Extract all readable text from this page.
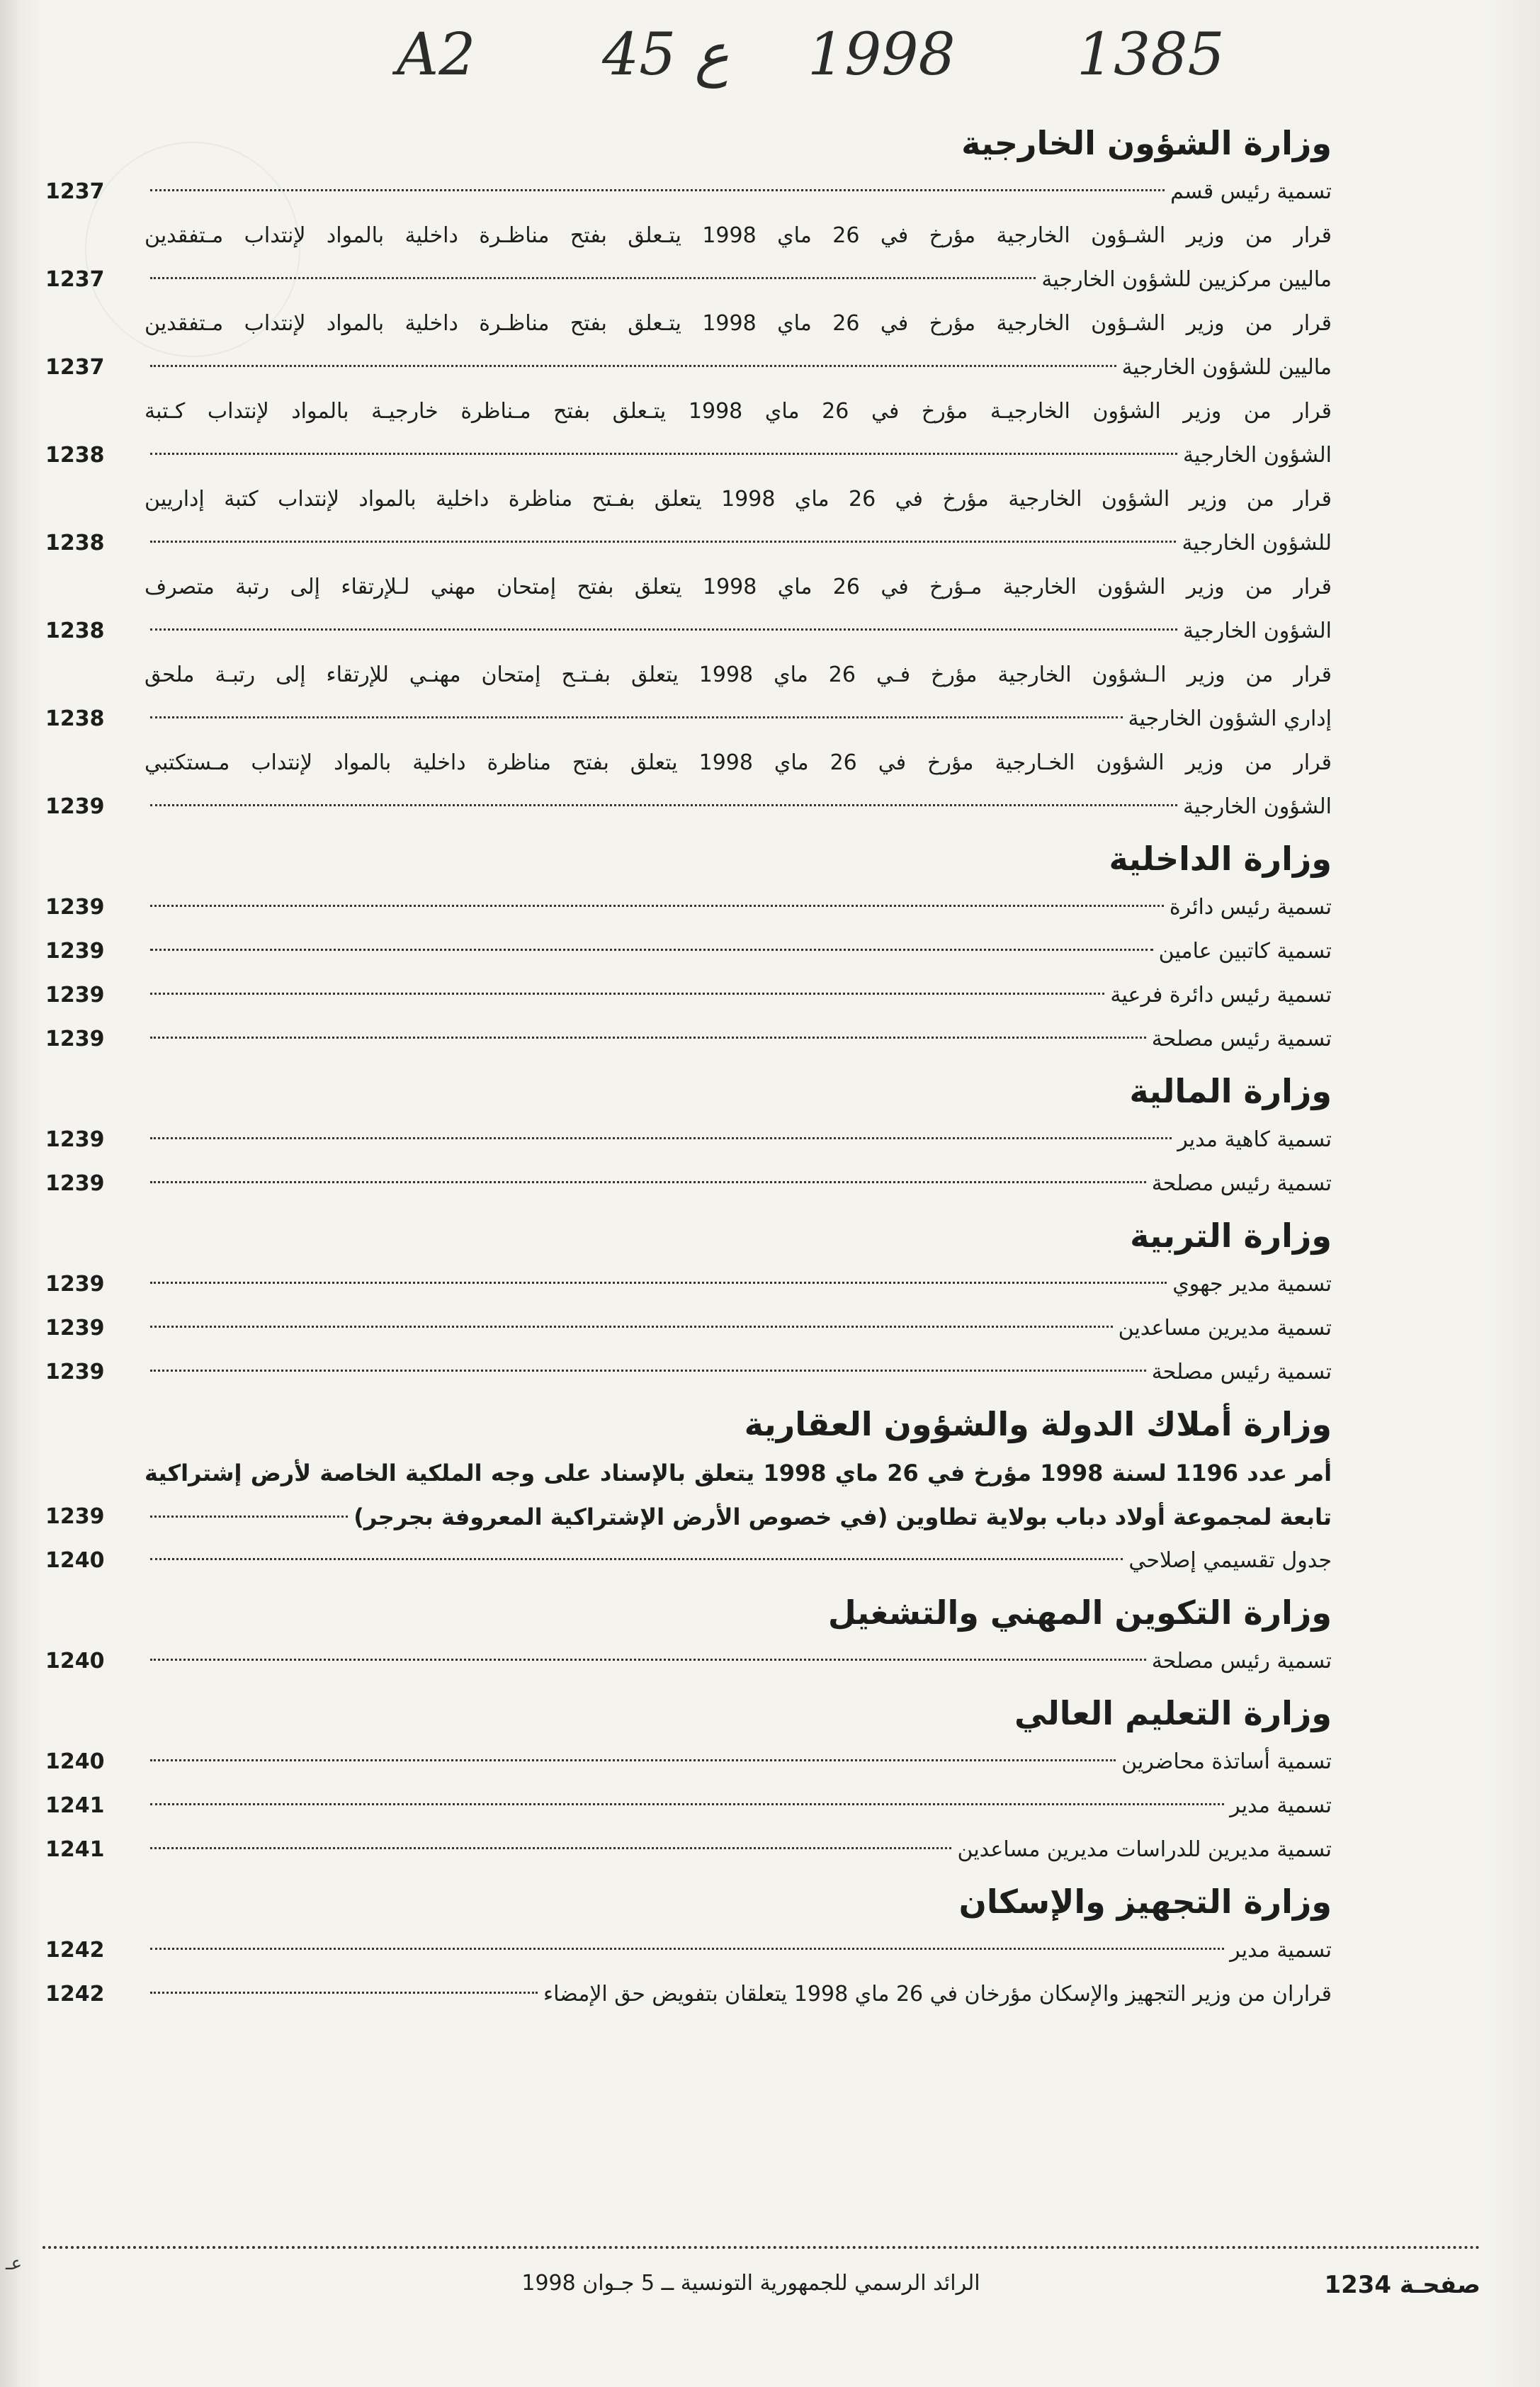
A2 45 ع 1998 1385
وزارة الشؤون الخارجية
تسمية رئيس قسم
1237
قرار من وزير الشـؤون الخارجية مؤرخ في 26 ماي 1998 يتـعلق بفتح مناظـرة داخلية بالمواد لإنتداب مـتفقدين
ماليين مركزيين للشؤون الخارجية
1237
قرار من وزير الشـؤون الخارجية مؤرخ في 26 ماي 1998 يتـعلق بفتح مناظـرة داخلية بالمواد لإنتداب مـتفقدين
ماليين للشؤون الخارجية
1237
قرار من وزير الشؤون الخارجيـة مؤرخ في 26 ماي 1998 يتـعلق بفتح مـناظرة خارجيـة بالمواد لإنتداب كـتبة
الشؤون الخارجية
1238
قرار من وزير الشؤون الخارجية مؤرخ في 26 ماي 1998 يتعلق بفـتح مناظرة داخلية بالمواد لإنتداب كتبة إداريين
للشؤون الخارجية
1238
قرار من وزير الشؤون الخارجية مـؤرخ في 26 ماي 1998 يتعلق بفتح إمتحان مهني لـلإرتقاء إلى رتبة متصرف
الشؤون الخارجية
1238
قرار من وزير الـشؤون الخارجية مؤرخ فـي 26 ماي 1998 يتعلق بفـتـح إمتحان مهنـي للإرتقاء إلى رتبـة ملحق
إداري الشؤون الخارجية
1238
قرار من وزير الشؤون الخـارجية مؤرخ في 26 ماي 1998 يتعلق بفتح مناظرة داخلية بالمواد لإنتداب مـستكتبي
الشؤون الخارجية
1239
وزارة الداخلية
تسمية رئيس دائرة
1239
تسمية كاتبين عامين
1239
تسمية رئيس دائرة فرعية
1239
تسمية رئيس مصلحة
1239
وزارة المالية
تسمية كاهية مدير
1239
تسمية رئيس مصلحة
1239
وزارة التربية
تسمية مدير جهوي
1239
تسمية مديرين مساعدين
1239
تسمية رئيس مصلحة
1239
وزارة أملاك الدولة والشؤون العقارية
أمر عدد 1196 لسنة 1998 مؤرخ في 26 ماي 1998 يتعلق بالإسناد على وجه الملكية الخاصة لأرض إشتراكية
تابعة لمجموعة أولاد دباب بولاية تطاوين (في خصوص الأرض الإشتراكية المعروفة بجرجر)
1239
جدول تقسيمي إصلاحي
1240
وزارة التكوين المهني والتشغيل
تسمية رئيس مصلحة
1240
وزارة التعليم العالي
تسمية أساتذة محاضرين
1240
تسمية مدير
1241
تسمية مديرين للدراسات مديرين مساعدين
1241
وزارة التجهيز والإسكان
تسمية مدير
1242
قراران من وزير التجهيز والإسكان مؤرخان في 26 ماي 1998 يتعلقان بتفويض حق الإمضاء
1242
صفحـة 1234
الرائد الرسمي للجمهورية التونسية ــ 5 جـوان 1998
عـ
